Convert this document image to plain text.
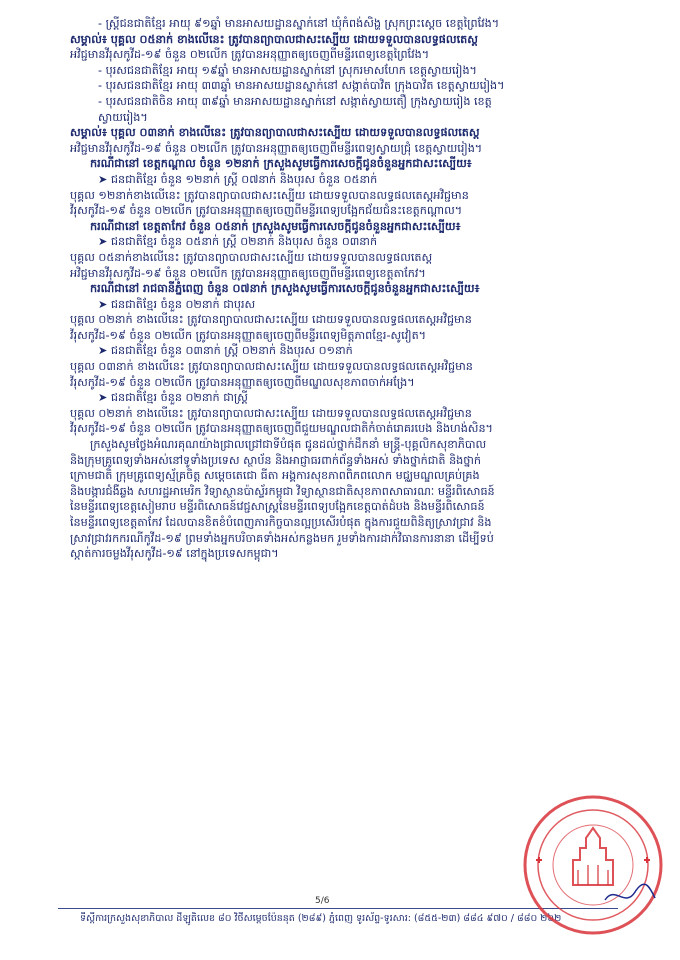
- ស្ត្រីជនជាតិខ្មែរ អាយុ ៩១ឆ្នាំ មានអាសយដ្ឋានស្នាក់នៅ ឃុំកំពង់សិង្ហ ស្រុកព្រះស្តេច ខេត្តព្រៃវែង។
សម្គាល់៖ បុគ្គល ០៥នាក់ ខាងលើនេះ ត្រូវបានព្យាបាលជាសះស្បើយ ដោយទទួលបានលទ្ធផលតេស្ត
អវិជ្ជមានវីរុសកូវីដ-១៩ ចំនួន ០២លើក ត្រូវបានអនុញ្ញាតឲ្យចេញពីមន្ទីរពេទ្យខេត្តព្រៃវែង។
- បុរសជនជាតិខ្មែរ អាយុ ១៩ឆ្នាំ មានអាសយដ្ឋានស្នាក់នៅ ស្រុករមាសហែក ខេត្តស្វាយរៀង។
- បុរសជនជាតិខ្មែរ អាយុ ៣៣ឆ្នាំ មានអាសយដ្ឋានស្នាក់នៅ សង្កាត់បាវិត ក្រុងបាវិត ខេត្តស្វាយរៀង។
- បុរសជនជាតិចិន អាយុ ៣៩ឆ្នាំ មានអាសយដ្ឋានស្នាក់នៅ សង្កាត់ស្វាយតឿ ក្រុងស្វាយរៀង ខេត្ត
ស្វាយរៀង។
សម្គាល់៖ បុគ្គល ០៣នាក់ ខាងលើនេះ ត្រូវបានព្យាបាលជាសះស្បើយ ដោយទទួលបានលទ្ធផលតេស្ត
អវិជ្ជមានវីរុសកូវីដ-១៩ ចំនួន ០២លើក ត្រូវបានអនុញ្ញាតឲ្យចេញពីមន្ទីរពេទ្យស្វាយជ្រុំ ខេត្តស្វាយរៀង។
ករណីជានៅ ខេត្តកណ្តាល ចំនួន ១២នាក់ ក្រសួងសូមធ្វើការសេចក្តីជូនចំនួនអ្នកជាសះស្បើយ៖
➤ ជនជាតិខ្មែរ ចំនួន ១២នាក់ ស្ត្រី ០៧នាក់ និងបុរស ចំនួន ០៥នាក់
បុគ្គល ១២នាក់ខាងលើនេះ ត្រូវបានព្យាបាលជាសះស្បើយ ដោយទទួលបានលទ្ធផលតេស្តអវិជ្ជមាន
វីរុសកូវីដ-១៩ ចំនួន ០២លើក ត្រូវបានអនុញ្ញាតឲ្យចេញពីមន្ទីរពេទ្យបង្អែកជ័យជំនះខេត្តកណ្តាល។
ករណីជានៅ ខេត្តតាកែវ ចំនួន ០៥នាក់ ក្រសួងសូមធ្វើការសេចក្តីជូនចំនួនអ្នកជាសះស្បើយ៖
➤ ជនជាតិខ្មែរ ចំនួន ០៥នាក់ ស្ត្រី ០២នាក់ និងបុរស ចំនួន ០៣នាក់
បុគ្គល ០៥នាក់ខាងលើនេះ ត្រូវបានព្យាបាលជាសះស្បើយ ដោយទទួលបានលទ្ធផលតេស្ត
អវិជ្ជមានវីរុសកូវីដ-១៩ ចំនួន ០២លើក ត្រូវបានអនុញ្ញាតឲ្យចេញពីមន្ទីរពេទ្យខេត្តតាកែវ។
ករណីជានៅ រាជធានីភ្នំពេញ ចំនួន ០៧នាក់ ក្រសួងសូមធ្វើការសេចក្តីជូនចំនួនអ្នកជាសះស្បើយ៖
➤ ជនជាតិខ្មែរ ចំនួន ០២នាក់ ជាបុរស
បុគ្គល ០២នាក់ ខាងលើនេះ ត្រូវបានព្យាបាលជាសះស្បើយ ដោយទទួលបានលទ្ធផលតេស្តអវិជ្ជមាន
វីរុសកូវីដ-១៩ ចំនួន ០២លើក ត្រូវបានអនុញ្ញាតឲ្យចេញពីមន្ទីរពេទ្យមិត្តភាពខ្មែរ-សូវៀត។
➤ ជនជាតិខ្មែរ ចំនួន ០៣នាក់ ស្ត្រី ០២នាក់ និងបុរស ០១នាក់
បុគ្គល ០៣នាក់ ខាងលើនេះ ត្រូវបានព្យាបាលជាសះស្បើយ ដោយទទួលបានលទ្ធផលតេស្តអវិជ្ជមាន
វីរុសកូវីដ-១៩ ចំនួន ០២លើក ត្រូវបានអនុញ្ញាតឲ្យចេញពីមណ្ឌលសុខភាពចាក់អង្រែ។
➤ ជនជាតិខ្មែរ ចំនួន ០២នាក់ ជាស្ត្រី
បុគ្គល ០២នាក់ ខាងលើនេះ ត្រូវបានព្យាបាលជាសះស្បើយ ដោយទទួលបានលទ្ធផលតេស្តអវិជ្ជមាន
វីរុសកូវីដ-១៩ ចំនួន ០២លើក ត្រូវបានអនុញ្ញាតឲ្យចេញពីជួយមណ្ឌលជាតិកំចាត់រោគរបេង និងហង់សិន។
ក្រសួងសូមថ្លែងអំណរគុណយ៉ាងជ្រាលជ្រៅជាទីបំផុត ជូនដល់ថ្នាក់ដឹកនាំ មន្ត្រី-បុគ្គលិកសុខាភិបាល
និងក្រុមគ្រូពេទ្យទាំងអស់នៅទូទាំងប្រទេស ស្ថាប័ន និងអាជ្ញាធរពាក់ព័ន្ធទាំងអស់ ទាំងថ្នាក់ជាតិ និងថ្នាក់
ក្រោមជាតិ ក្រុមគ្រូពេទ្យស្ម័គ្រចិត្ត សម្តេចតេជោ ធីតា អង្គការសុខភាពពិភពលោក មជ្ឈមណ្ឌលគ្រប់គ្រង
និងបង្ការជំងឺឆ្លង សហរដ្ឋអាមេរិក វិទ្យាស្ថានប៉ាស្ទ័រកម្ពុជា វិទ្យាស្ថានជាតិសុខភាពសាធារណៈ មន្ទីរពិសោធន៍
នៃមន្ទីរពេទ្យខេត្តសៀមរាប មន្ទីរពិសោធន៍វេជ្ជសាស្ត្រនៃមន្ទីរពេទ្យបង្អែកខេត្តបាត់ដំបង និងមន្ទីរពិសោធន៍
នៃមន្ទីរពេទ្យខេត្តតាកែវ ដែលបានខិតខំបំពេញភារកិច្ចបានល្អប្រសើរបំផុត ក្នុងការជួយពិនិត្យស្រាវជ្រាវ និង
ស្រាវជ្រាវរកករណីកូវីដ-១៩ ព្រមទាំងអ្នកបរិចាគទាំងអស់កន្លងមក រួមទាំងការដាក់វិធានការនានា ដើម្បីទប់
ស្កាត់ការចម្លងវីរុសកូវីដ-១៩ នៅក្នុងប្រទេសកម្ពុជា។
5/6
ទីស្តីការក្រសួងសុខាភិបាល ដីឡូតិលេខ ៨០ វិថីសម្តេចប៉ែននុត (២៨៩) ភ្នំពេញ ទូរស័ព្ទ-ទូរសារ: (៨៥៥-២៣) ៨៨៤ ៩៧០ / ៨៨០ ២៦២
